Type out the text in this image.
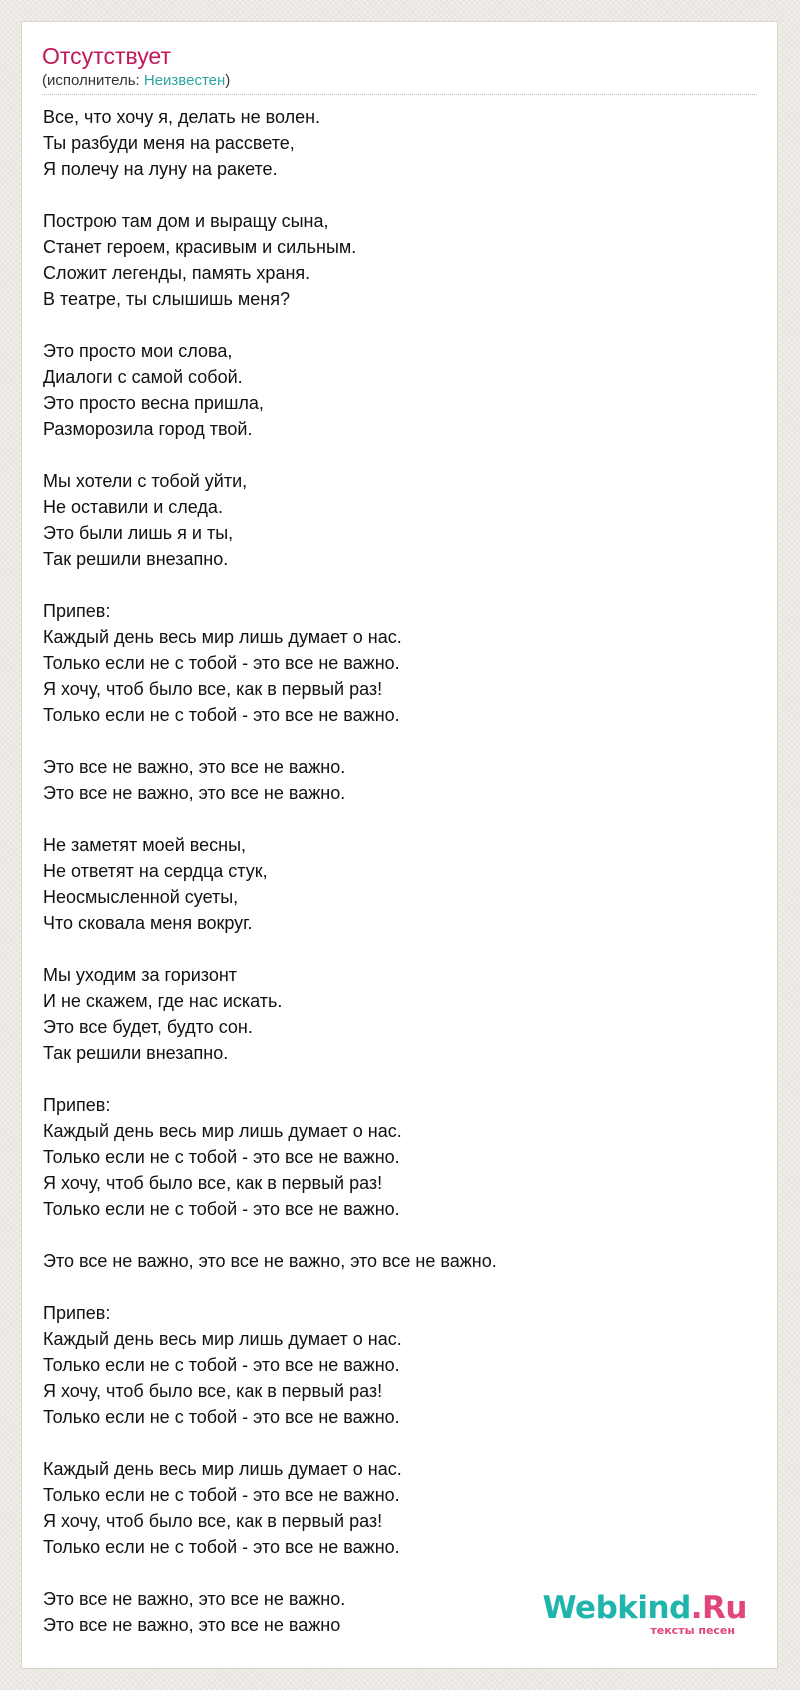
Отсутствует
(исполнитель: Неизвестен)
Все, что хочу я, делать не волен.
Ты разбуди меня на рассвете,
Я полечу на луну на ракете.
Построю там дом и выращу сына,
Станет героем, красивым и сильным.
Сложит легенды, память храня.
В театре, ты слышишь меня?
Это просто мои слова,
Диалоги с самой собой.
Это просто весна пришла,
Разморозила город твой.
Мы хотели с тобой уйти,
Не оставили и следа.
Это были лишь я и ты,
Так решили внезапно.
Припев:
Каждый день весь мир лишь думает о нас.
Только если не с тобой - это все не важно.
Я хочу, чтоб было все, как в первый раз!
Только если не с тобой - это все не важно.
Это все не важно, это все не важно.
Это все не важно, это все не важно.
Не заметят моей весны,
Не ответят на сердца стук,
Неосмысленной суеты,
Что сковала меня вокруг.
Мы уходим за горизонт
И не скажем, где нас искать.
Это все будет, будто сон.
Так решили внезапно.
Припев:
Каждый день весь мир лишь думает о нас.
Только если не с тобой - это все не важно.
Я хочу, чтоб было все, как в первый раз!
Только если не с тобой - это все не важно.
Это все не важно, это все не важно, это все не важно.
Припев:
Каждый день весь мир лишь думает о нас.
Только если не с тобой - это все не важно.
Я хочу, чтоб было все, как в первый раз!
Только если не с тобой - это все не важно.
Каждый день весь мир лишь думает о нас.
Только если не с тобой - это все не важно.
Я хочу, чтоб было все, как в первый раз!
Только если не с тобой - это все не важно.
Это все не важно, это все не важно.
Это все не важно, это все не важно	Webkind.Ru
тексты песен
